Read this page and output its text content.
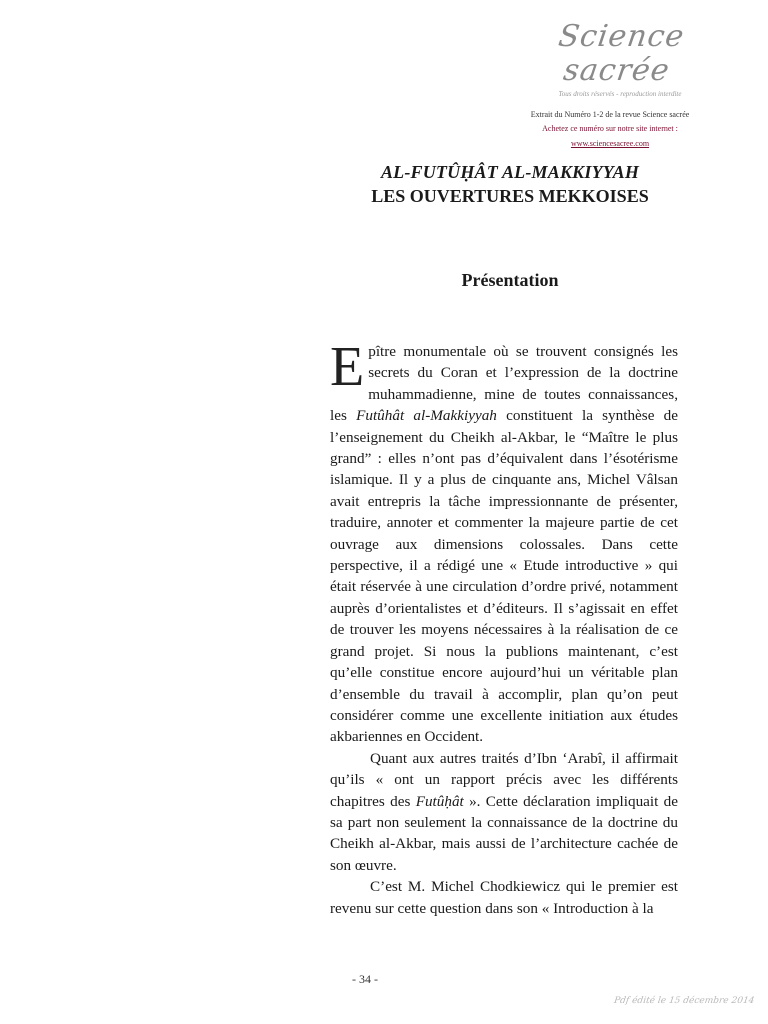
Science sacrée
Tous droits réservés - reproduction interdite
Extrait du Numéro 1-2 de la revue Science sacrée
Achetez ce numéro sur notre site internet :
www.sciencesacree.com
AL-FUTÛḤÂT AL-MAKKIYYAH
LES OUVERTURES MEKKOISES
Présentation

Epître monumentale où se trouvent consignés les secrets du Coran et l’expression de la doctrine muhammadienne, mine de toutes connaissances, les Futûhât al-Makkiyyah constituent la synthèse de l’enseignement du Cheikh al-Akbar, le “Maître le plus grand” : elles n’ont pas d’équivalent dans l’ésotérisme islamique. Il y a plus de cinquante ans, Michel Vâlsan avait entrepris la tâche impressionnante de présenter, traduire, annoter et commenter la majeure partie de cet ouvrage aux dimensions colossales. Dans cette perspective, il a rédigé une « Etude introductive » qui était réservée à une circulation d’ordre privé, notamment auprès d’orientalistes et d’éditeurs. Il s’agissait en effet de trouver les moyens nécessaires à la réalisation de ce grand projet. Si nous la publions maintenant, c’est qu’elle constitue encore aujourd’hui un véritable plan d’ensemble du travail à accomplir, plan qu’on peut considérer comme une excellente initiation aux études akbariennes en Occident.

Quant aux autres traités d’Ibn ‘Arabî, il affirmait qu’ils « ont un rapport précis avec les différents chapitres des Futûḥât ». Cette déclaration impliquait de sa part non seulement la connaissance de la doctrine du Cheikh al-Akbar, mais aussi de l’architecture cachée de son œuvre.

C’est M. Michel Chodkiewicz qui le premier est revenu sur cette question dans son « Introduction à la

- 34 -
Pdf édité le 15 décembre 2014
